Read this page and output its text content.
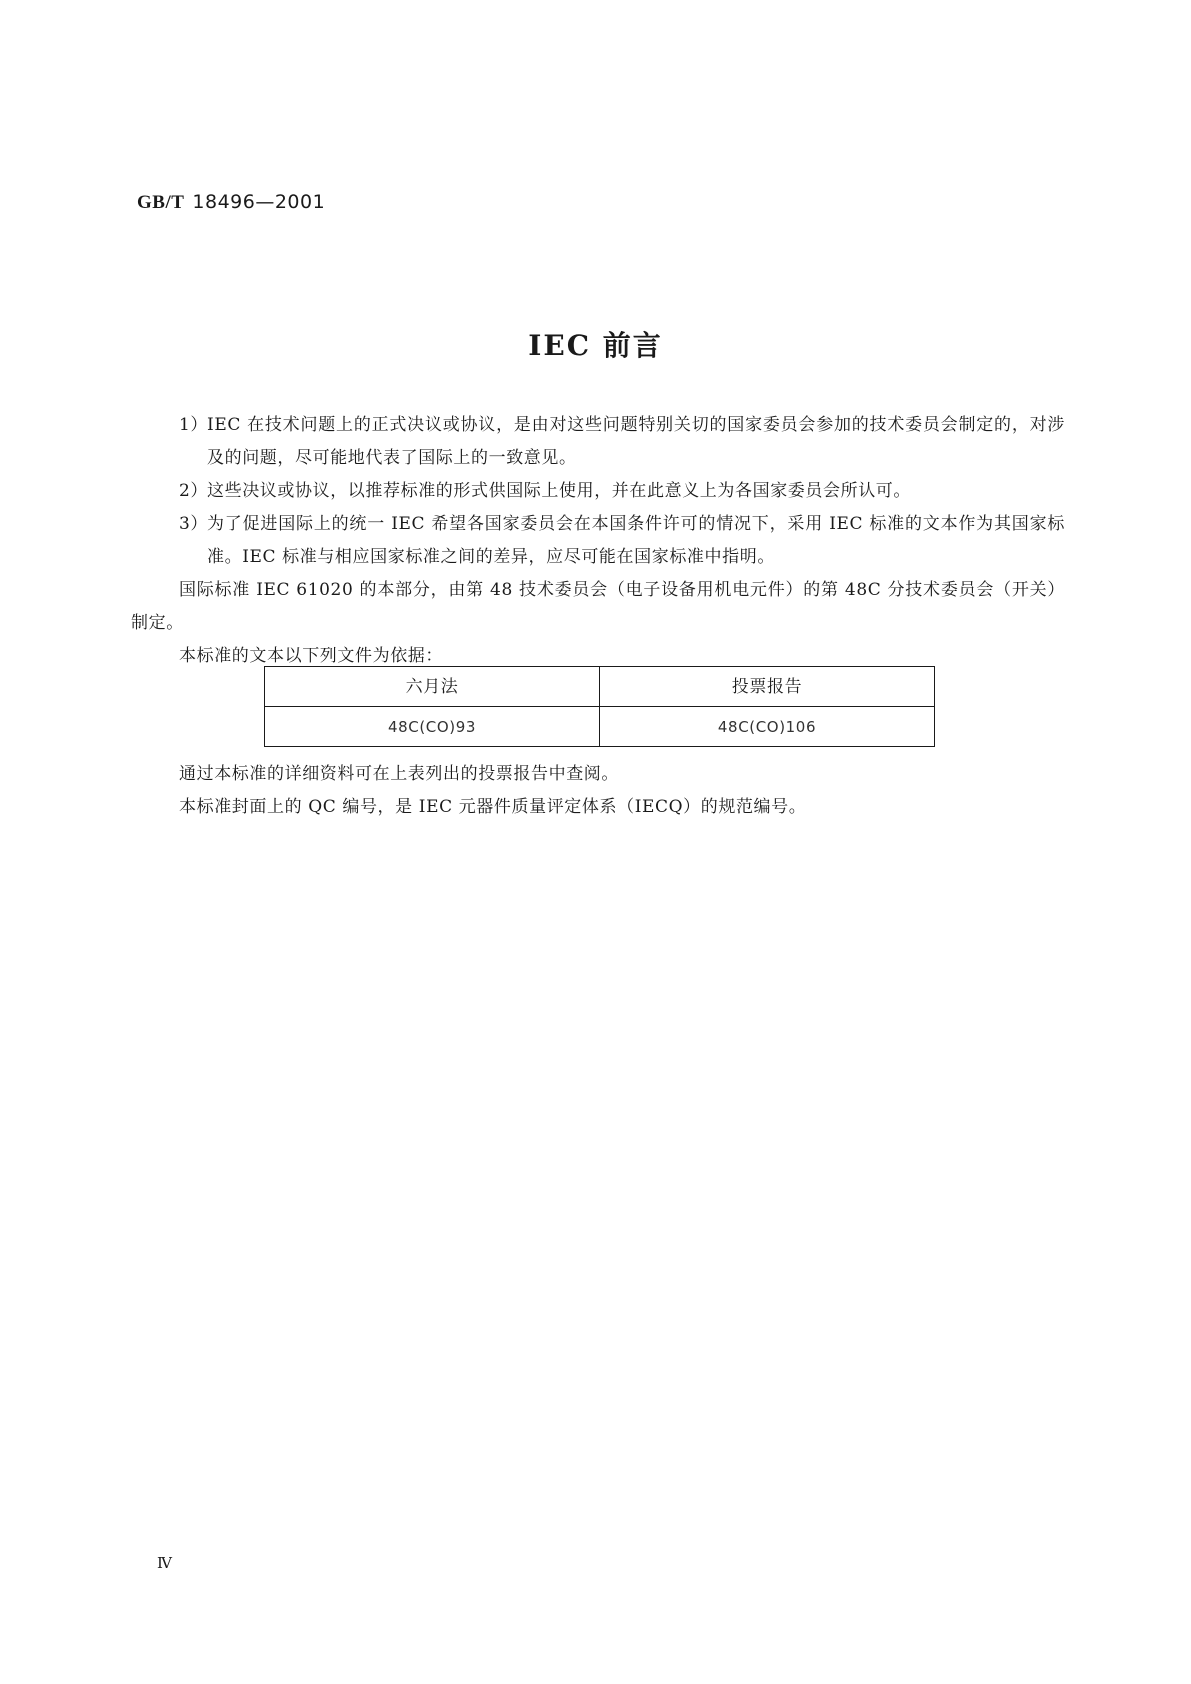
GB/T 18496—2001
IEC 前言
1）
IEC 在技术问题上的正式决议或协议，是由对这些问题特别关切的国家委员会参加的技术委员会制定的，对涉及的问题，尽可能地代表了国际上的一致意见。
2）
这些决议或协议，以推荐标准的形式供国际上使用，并在此意义上为各国家委员会所认可。
3）
为了促进国际上的统一 IEC 希望各国家委员会在本国条件许可的情况下，采用 IEC 标准的文本作为其国家标准。IEC 标准与相应国家标准之间的差异，应尽可能在国家标准中指明。
国际标准 IEC 61020 的本部分，由第 48 技术委员会（电子设备用机电元件）的第 48C 分技术委员会（开关）制定。
本标准的文本以下列文件为依据：
六月法	投票报告
48C(CO)93	48C(CO)106
通过本标准的详细资料可在上表列出的投票报告中查阅。
本标准封面上的 QC 编号，是 IEC 元器件质量评定体系（IECQ）的规范编号。
Ⅳ
